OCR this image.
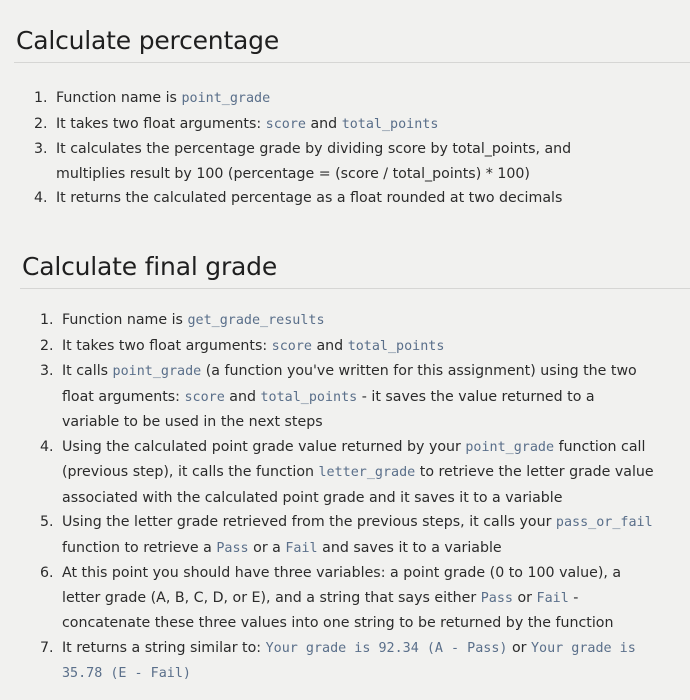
Calculate percentage
1. Function name is point_grade
2. It takes two float arguments: score and total_points
3. It calculates the percentage grade by dividing score by total_points, and multiplies result by 100 (percentage = (score / total_points) * 100)
4. It returns the calculated percentage as a float rounded at two decimals
Calculate final grade
1. Function name is get_grade_results
2. It takes two float arguments: score and total_points
3. It calls point_grade (a function you've written for this assignment) using the two float arguments: score and total_points - it saves the value returned to a variable to be used in the next steps
4. Using the calculated point grade value returned by your point_grade function call (previous step), it calls the function letter_grade to retrieve the letter grade value associated with the calculated point grade and it saves it to a variable
5. Using the letter grade retrieved from the previous steps, it calls your pass_or_fail function to retrieve a Pass or a Fail and saves it to a variable
6. At this point you should have three variables: a point grade (0 to 100 value), a letter grade (A, B, C, D, or E), and a string that says either Pass or Fail - concatenate these three values into one string to be returned by the function
7. It returns a string similar to: Your grade is 92.34 (A - Pass) or Your grade is 35.78 (E - Fail)
